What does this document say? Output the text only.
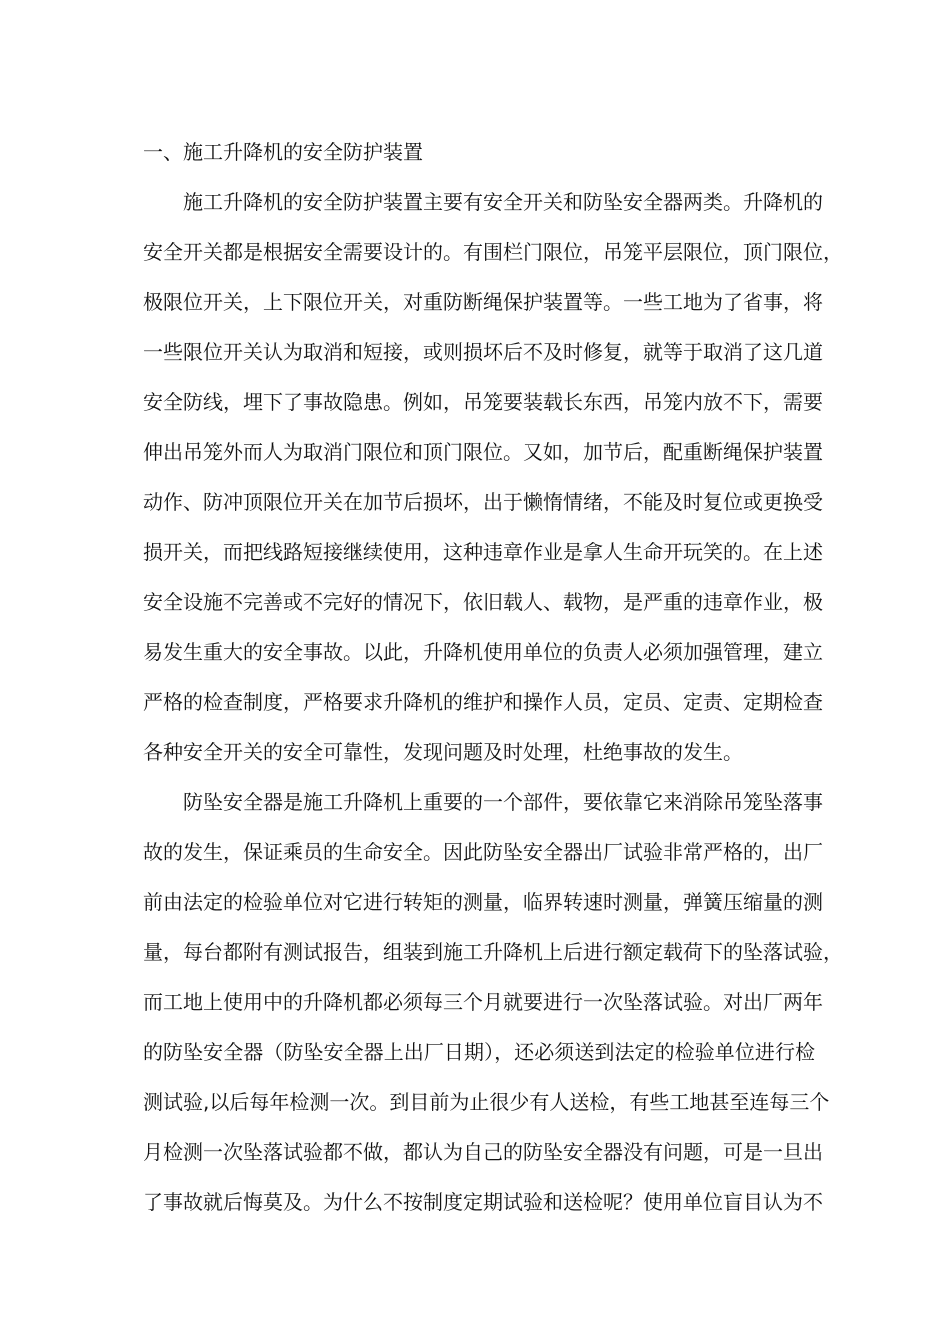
一、施工升降机的安全防护装置
施工升降机的安全防护装置主要有安全开关和防坠安全器两类。升降机的
安全开关都是根据安全需要设计的。有围栏门限位，吊笼平层限位，顶门限位，
极限位开关，上下限位开关，对重防断绳保护装置等。一些工地为了省事，将
一些限位开关认为取消和短接，或则损坏后不及时修复，就等于取消了这几道
安全防线，埋下了事故隐患。例如，吊笼要装载长东西，吊笼内放不下，需要
伸出吊笼外而人为取消门限位和顶门限位。又如，加节后，配重断绳保护装置
动作、防冲顶限位开关在加节后损坏，出于懒惰情绪，不能及时复位或更换受
损开关，而把线路短接继续使用，这种违章作业是拿人生命开玩笑的。在上述
安全设施不完善或不完好的情况下，依旧载人、载物，是严重的违章作业，极
易发生重大的安全事故。以此，升降机使用单位的负责人必须加强管理，建立
严格的检查制度，严格要求升降机的维护和操作人员，定员、定责、定期检查
各种安全开关的安全可靠性，发现问题及时处理，杜绝事故的发生。
防坠安全器是施工升降机上重要的一个部件，要依靠它来消除吊笼坠落事
故的发生，保证乘员的生命安全。因此防坠安全器出厂试验非常严格的，出厂
前由法定的检验单位对它进行转矩的测量，临界转速时测量，弹簧压缩量的测
量，每台都附有测试报告，组装到施工升降机上后进行额定载荷下的坠落试验，
而工地上使用中的升降机都必须每三个月就要进行一次坠落试验。对出厂两年
的防坠安全器（防坠安全器上出厂日期），还必须送到法定的检验单位进行检
测试验,以后每年检测一次。到目前为止很少有人送检，有些工地甚至连每三个
月检测一次坠落试验都不做，都认为自己的防坠安全器没有问题，可是一旦出
了事故就后悔莫及。为什么不按制度定期试验和送检呢？使用单位盲目认为不
